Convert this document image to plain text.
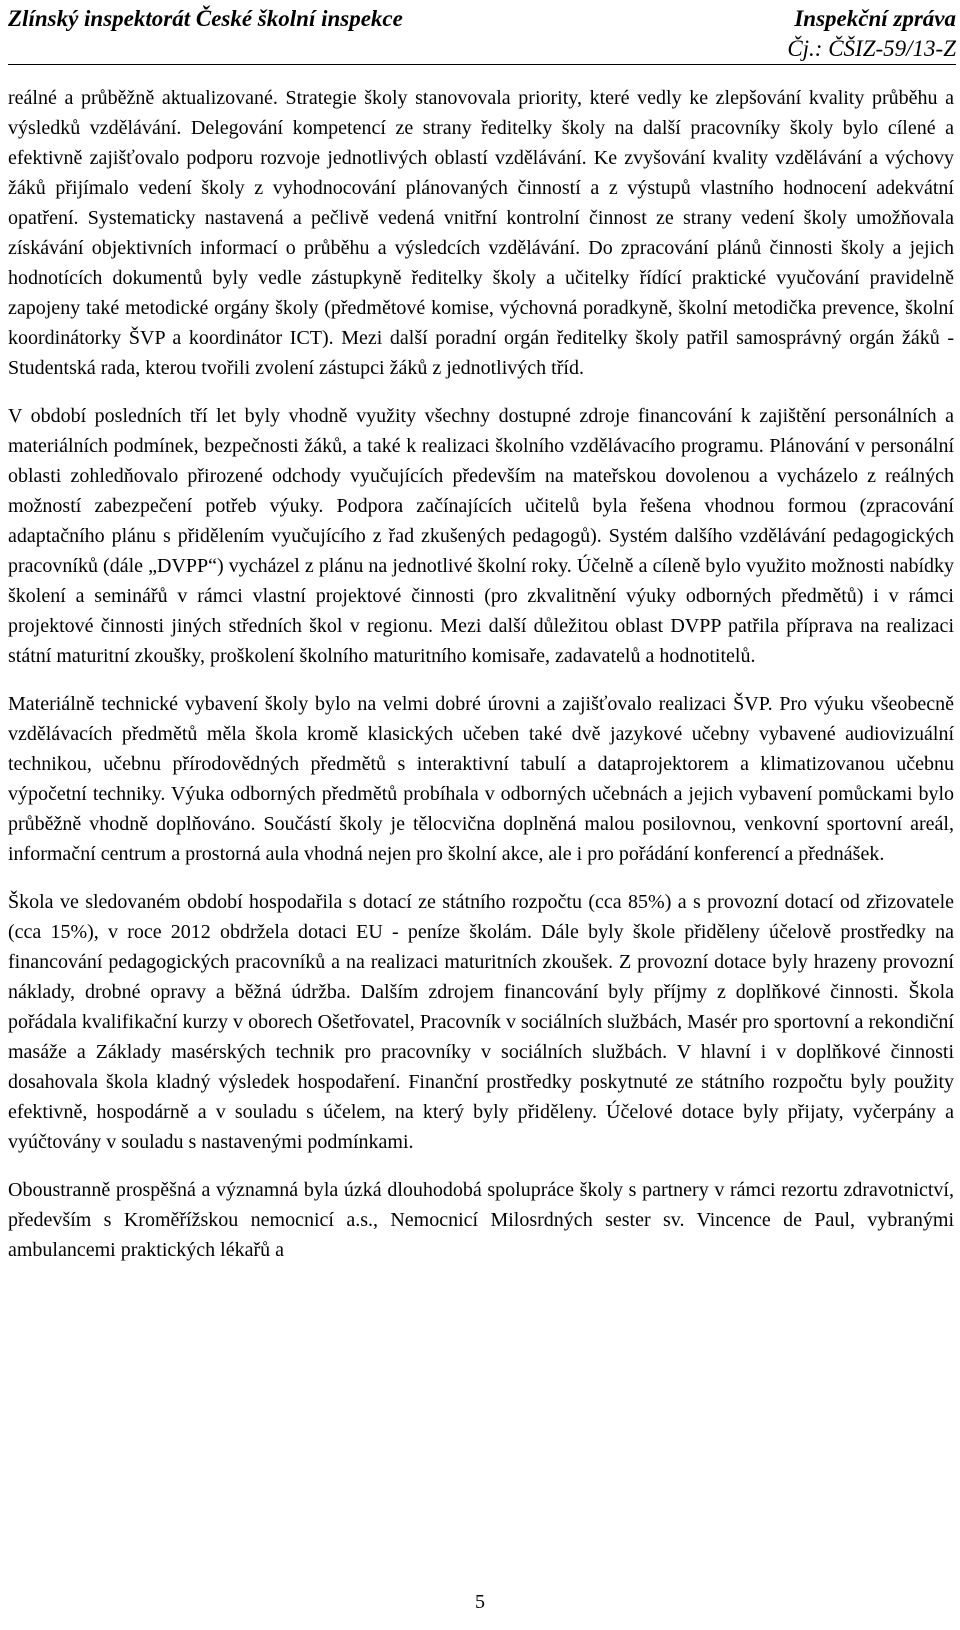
Zlínský inspektorát České školní inspekce	Inspekční zpráva
Čj.: ČŠIZ-59/13-Z

reálné a průběžně aktualizované. Strategie školy stanovovala priority, které vedly ke zlepšování kvality průběhu a výsledků vzdělávání. Delegování kompetencí ze strany ředitelky školy na další pracovníky školy bylo cílené a efektivně zajišťovalo podporu rozvoje jednotlivých oblastí vzdělávání. Ke zvyšování kvality vzdělávání a výchovy žáků přijímalo vedení školy z vyhodnocování plánovaných činností a z výstupů vlastního hodnocení adekvátní opatření. Systematicky nastavená a pečlivě vedená vnitřní kontrolní činnost ze strany vedení školy umožňovala získávání objektivních informací o průběhu a výsledcích vzdělávání. Do zpracování plánů činnosti školy a jejich hodnotících dokumentů byly vedle zástupkyně ředitelky školy a učitelky řídící praktické vyučování pravidelně zapojeny také metodické orgány školy (předmětové komise, výchovná poradkyně, školní metodička prevence, školní koordinátorky ŠVP a koordinátor ICT). Mezi další poradní orgán ředitelky školy patřil samosprávný orgán žáků - Studentská rada, kterou tvořili zvolení zástupci žáků z jednotlivých tříd.

V období posledních tří let byly vhodně využity všechny dostupné zdroje financování k zajištění personálních a materiálních podmínek, bezpečnosti žáků, a také k realizaci školního vzdělávacího programu. Plánování v personální oblasti zohledňovalo přirozené odchody vyučujících především na mateřskou dovolenou a vycházelo z reálných možností zabezpečení potřeb výuky. Podpora začínajících učitelů byla řešena vhodnou formou (zpracování adaptačního plánu s přidělením vyučujícího z řad zkušených pedagogů). Systém dalšího vzdělávání pedagogických pracovníků (dále „DVPP“) vycházel z plánu na jednotlivé školní roky. Účelně a cíleně bylo využito možnosti nabídky školení a seminářů v rámci vlastní projektové činnosti (pro zkvalitnění výuky odborných předmětů) i v rámci projektové činnosti jiných středních škol v regionu. Mezi další důležitou oblast DVPP patřila příprava na realizaci státní maturitní zkoušky, proškolení školního maturitního komisaře, zadavatelů a hodnotitelů.

Materiálně technické vybavení školy bylo na velmi dobré úrovni a zajišťovalo realizaci ŠVP. Pro výuku všeobecně vzdělávacích předmětů měla škola kromě klasických učeben také dvě jazykové učebny vybavené audiovizuální technikou, učebnu přírodovědných předmětů s interaktivní tabulí a dataprojektorem a klimatizovanou učebnu výpočetní techniky. Výuka odborných předmětů probíhala v odborných učebnách a jejich vybavení pomůckami bylo průběžně vhodně doplňováno. Součástí školy je tělocvična doplněná malou posilovnou, venkovní sportovní areál, informační centrum a prostorná aula vhodná nejen pro školní akce, ale i pro pořádání konferencí a přednášek.

Škola ve sledovaném období hospodařila s dotací ze státního rozpočtu (cca 85%) a s provozní dotací od zřizovatele (cca 15%), v roce 2012 obdržela dotaci EU - peníze školám. Dále byly škole přiděleny účelově prostředky na financování pedagogických pracovníků a na realizaci maturitních zkoušek. Z provozní dotace byly hrazeny provozní náklady, drobné opravy a běžná údržba. Dalším zdrojem financování byly příjmy z doplňkové činnosti. Škola pořádala kvalifikační kurzy v oborech Ošetřovatel, Pracovník v sociálních službách, Masér pro sportovní a rekondiční masáže a Základy masérských technik pro pracovníky v sociálních službách. V hlavní i v doplňkové činnosti dosahovala škola kladný výsledek hospodaření. Finanční prostředky poskytnuté ze státního rozpočtu byly použity efektivně, hospodárně a v souladu s účelem, na který byly přiděleny. Účelové dotace byly přijaty, vyčerpány a vyúčtovány v souladu s nastavenými podmínkami.

Oboustranně prospěšná a významná byla úzká dlouhodobá spolupráce školy s partnery v rámci rezortu zdravotnictví, především s Kroměřížskou nemocnicí a.s., Nemocnicí Milosrdných sester sv. Vincence de Paul, vybranými ambulancemi praktických lékařů a

5
